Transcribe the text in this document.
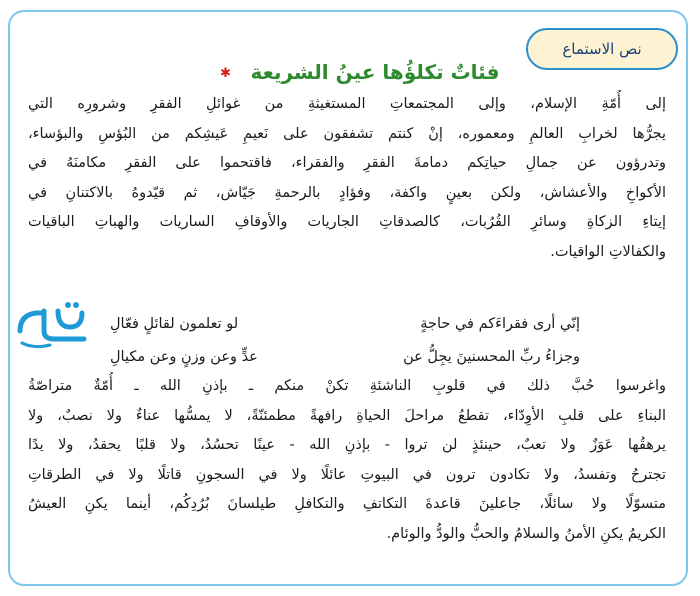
نص الاستماع
✱ فئاتٌ تكلؤُها عينُ الشريعة
إلى أُمّةِ الإسلام، وإلى المجتمعاتِ المستغيثةِ من غوائلِ الفقرِ وشرورِه التي
يجرُّها لخرابِ العالمِ ومعموره، إنْ كنتم تشفقون على نَعيمِ عَيشِكم من البُؤسِ والبؤساء،
وتدرؤون عن جمالِ حياتِكم دمامةَ الفقرِ والفقراء، فاقتحموا على الفقرِ مكامنَهُ في
الأكواخِ والأعشاش، ولكن بعينٍ واكفة، وفؤادٍ بالرحمةِ جَيّاش، ثم قيّدوهُ بالاكتنانِ في
إيتاءِ الزكاةِ وسائرِ القُرُبات، كالصدقاتِ الجاريات والأوقافِ الساريات والهباتِ الباقيات
والكفالاتِ الواقيات.
إنّي أرى فقراءَكم في حاجةٍ
لو تعلمون لقائلٍ فعّالِ
وجزاءُ ربِّ المحسنينَ يجِلُّ عن
عدٍّ وعن وزنٍ وعن مكيالِ
واغرسوا حُبَّ ذلك في قلوبِ الناشئةِ تكنْ منكم ـ بإذنِ الله ـ أُمّةٌ متراصّةُ
البناءِ على قلبِ الأوِدّاء، تقطعُ مراحلَ الحياةِ رافهةً مطمئنّةً، لا يمسُّها عناءٌ ولا نصبٌ، ولا
يرهقُها عَوَزٌ ولا تعبٌ، حينئذٍ لن تروا - بإذنِ الله - عينًا تحسُدُ، ولا قلبًا يحقدُ، ولا يدًا
تجترحُ وتفسدُ، ولا تكادون ترون في البيوتِ عائلًا ولا في السجونِ قاتلًا ولا في الطرقاتِ
متسوّلًا ولا سائلًا، جاعلينَ قاعدةَ التكاتفِ والتكافلِ طيلسانَ بُرُدِكُم، أينما يكنِ العيشُ
الكريمُ يكنِ الأمنُ والسلامُ والحبُّ والودُّ والوئام.
